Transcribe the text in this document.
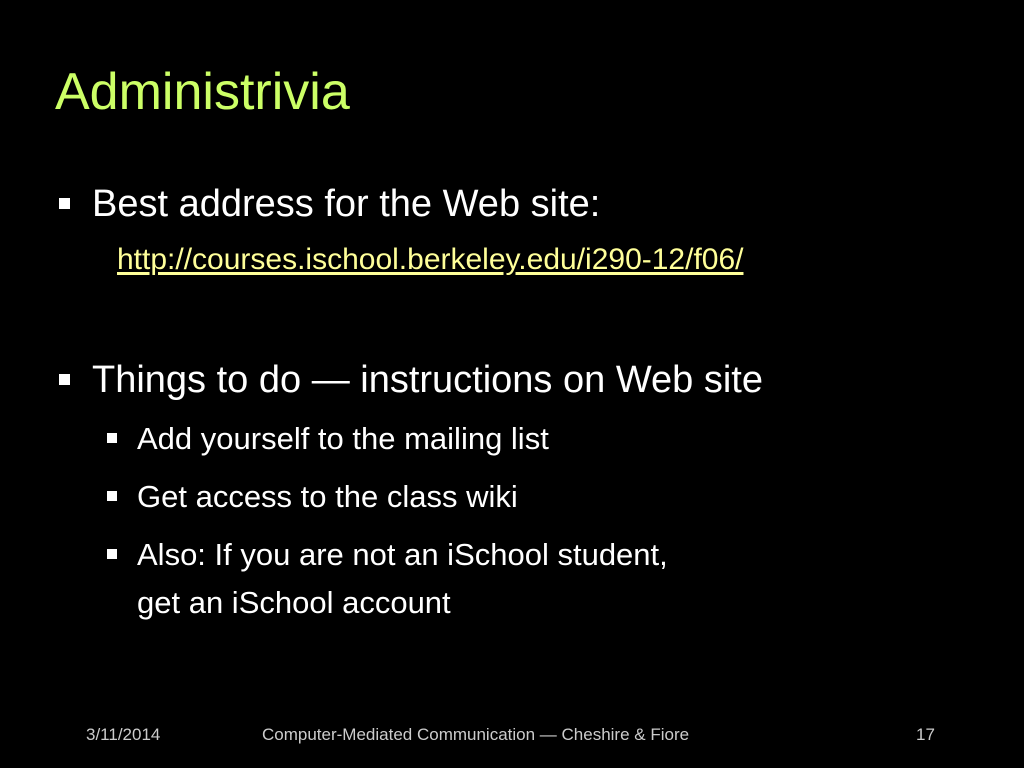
Administrivia
Best address for the Web site:
http://courses.ischool.berkeley.edu/i290-12/f06/
Things to do — instructions on Web site
Add yourself to the mailing list
Get access to the class wiki
Also: If you are not an iSchool student,
get an iSchool account
3/11/2014	Computer-Mediated Communication — Cheshire & Fiore	17
